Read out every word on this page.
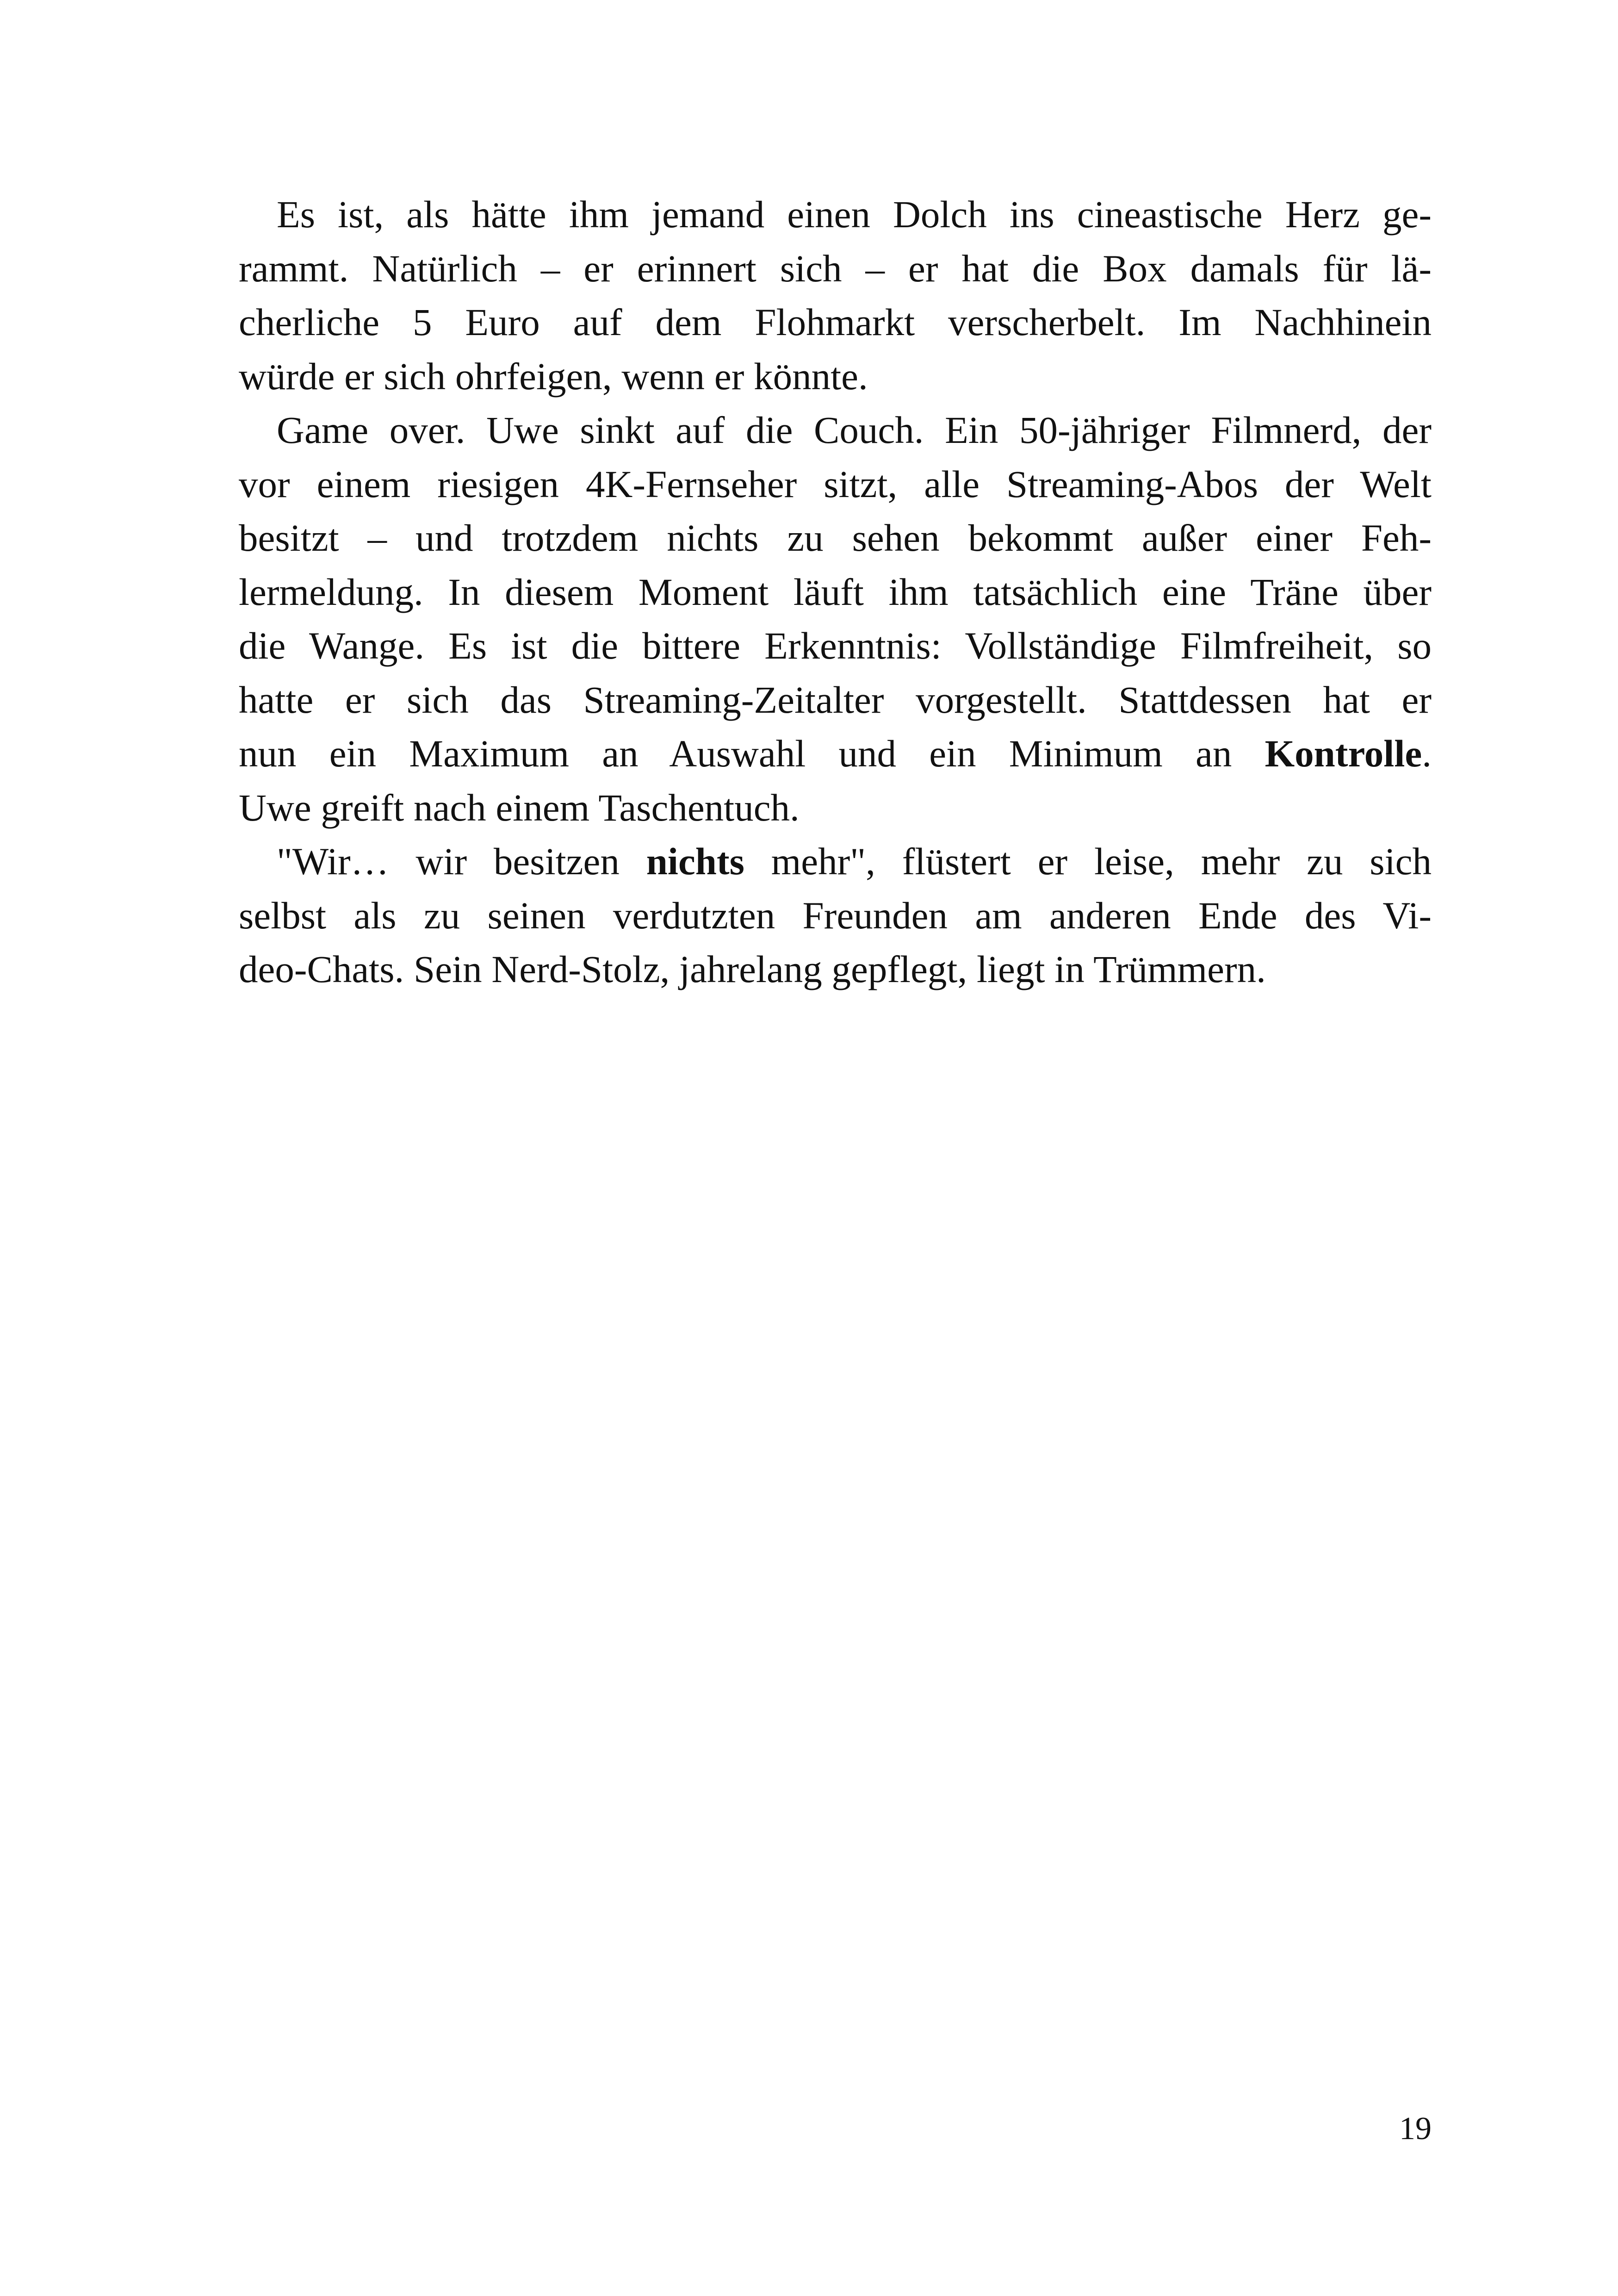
Es ist, als hätte ihm jemand einen Dolch ins cineastische Herz ge-
rammt. Natürlich – er erinnert sich – er hat die Box damals für lä-
cherliche 5 Euro auf dem Flohmarkt verscherbelt. Im Nachhinein
würde er sich ohrfeigen, wenn er könnte.
Game over. Uwe sinkt auf die Couch. Ein 50-jähriger Filmnerd, der
vor einem riesigen 4K-Fernseher sitzt, alle Streaming-Abos der Welt
besitzt – und trotzdem nichts zu sehen bekommt außer einer Feh-
lermeldung. In diesem Moment läuft ihm tatsächlich eine Träne über
die Wange. Es ist die bittere Erkenntnis: Vollständige Filmfreiheit, so
hatte er sich das Streaming-Zeitalter vorgestellt. Stattdessen hat er
nun ein Maximum an Auswahl und ein Minimum an Kontrolle.
Uwe greift nach einem Taschentuch.
"Wir… wir besitzen nichts mehr", flüstert er leise, mehr zu sich
selbst als zu seinen verdutzten Freunden am anderen Ende des Vi-
deo-Chats. Sein Nerd-Stolz, jahrelang gepflegt, liegt in Trümmern.
19
